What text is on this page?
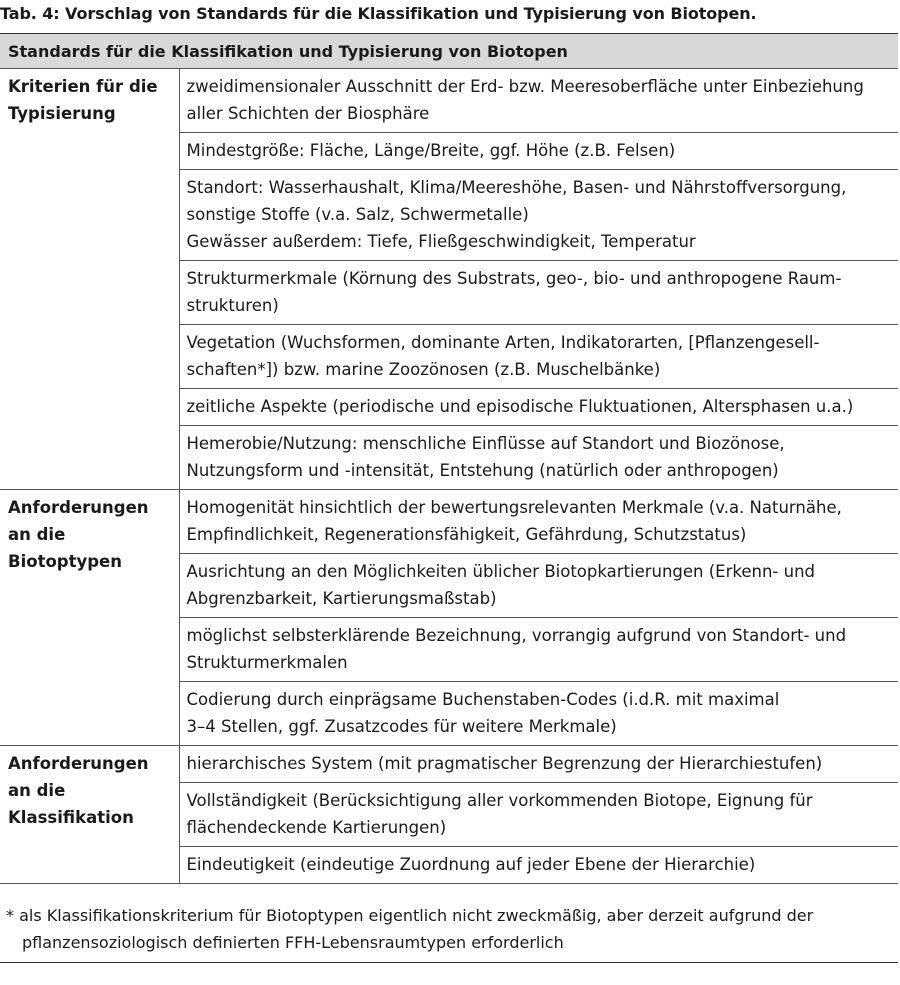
Tab. 4: Vorschlag von Standards für die Klassifikation und Typisierung von Biotopen.
Standards für die Klassifikation und Typisierung von Biotopen	
Kriterien für die Typisierung	zweidimensionaler Ausschnitt der Erd- bzw. Meeresoberfläche unter Einbeziehung aller Schichten der Biosphäre
	Mindestgröße: Fläche, Länge/Breite, ggf. Höhe (z.B. Felsen)
	Standort: Wasserhaushalt, Klima/Meereshöhe, Basen- und Nährstoffversorgung, sonstige Stoffe (v.a. Salz, Schwermetalle)
Gewässer außerdem: Tiefe, Fließgeschwindigkeit, Temperatur
	Strukturmerkmale (Körnung des Substrats, geo-, bio- und anthropogene Raumstrukturen)
	Vegetation (Wuchsformen, dominante Arten, Indikatorarten, [Pflanzengesellschaften*]) bzw. marine Zoozönosen (z.B. Muschelbänke)
	zeitliche Aspekte (periodische und episodische Fluktuationen, Altersphasen u.a.)
	Hemerobie/Nutzung: menschliche Einflüsse auf Standort und Biozönose, Nutzungsform und -intensität, Entstehung (natürlich oder anthropogen)
Anforderungen an die Biotoptypen	Homogenität hinsichtlich der bewertungsrelevanten Merkmale (v.a. Naturnähe, Empfindlichkeit, Regenerationsfähigkeit, Gefährdung, Schutzstatus)
	Ausrichtung an den Möglichkeiten üblicher Biotopkartierungen (Erkenn- und Abgrenzbarkeit, Kartierungsmaßstab)
	möglichst selbsterklärende Bezeichnung, vorrangig aufgrund von Standort- und Strukturmerkmalen
	Codierung durch einprägsame Buchenstaben-Codes (i.d.R. mit maximal
3–4 Stellen, ggf. Zusatzcodes für weitere Merkmale)
Anforderungen an die Klassifikation	hierarchisches System (mit pragmatischer Begrenzung der Hierarchiestufen)
	Vollständigkeit (Berücksichtigung aller vorkommenden Biotope, Eignung für flächendeckende Kartierungen)
	Eindeutigkeit (eindeutige Zuordnung auf jeder Ebene der Hierarchie)
* als Klassifikationskriterium für Biotoptypen eigentlich nicht zweckmäßig, aber derzeit aufgrund der pflanzensoziologisch definierten FFH-Lebensraumtypen erforderlich
